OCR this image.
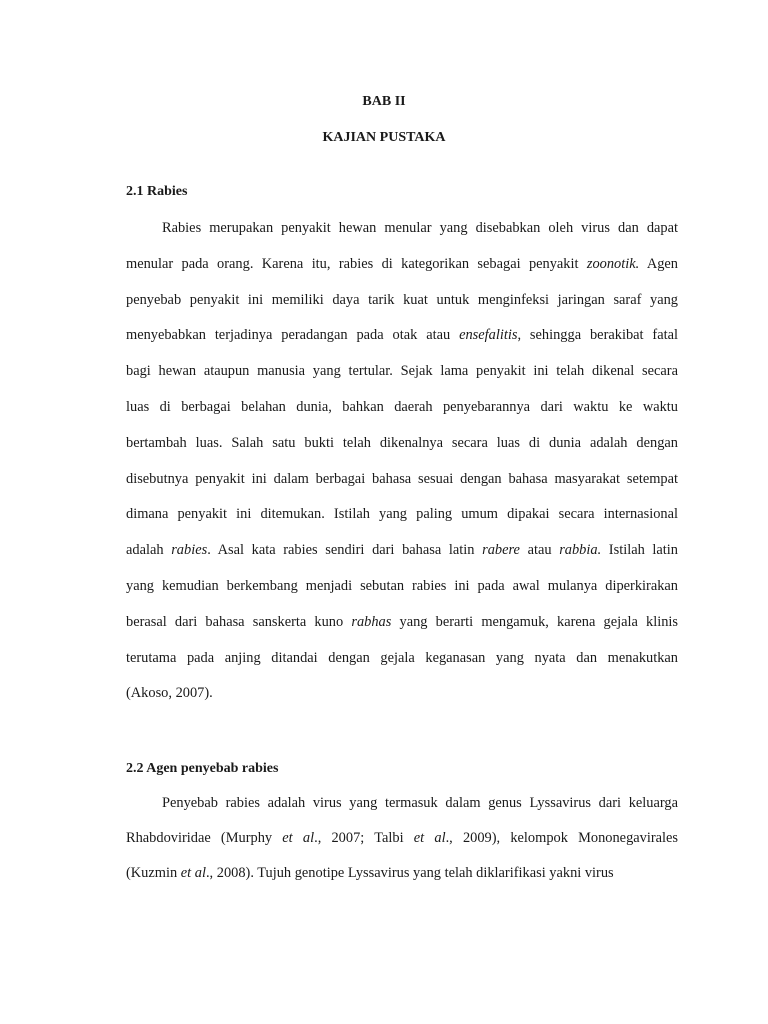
BAB II
KAJIAN PUSTAKA
2.1 Rabies
Rabies merupakan penyakit hewan menular yang disebabkan oleh virus dan dapat
menular pada orang. Karena itu, rabies di kategorikan sebagai penyakit zoonotik. Agen
penyebab penyakit ini memiliki daya tarik kuat untuk menginfeksi jaringan saraf yang
menyebabkan terjadinya peradangan pada otak atau ensefalitis, sehingga berakibat fatal
bagi hewan ataupun manusia yang tertular. Sejak lama penyakit ini telah dikenal secara
luas di berbagai belahan dunia, bahkan daerah penyebarannya dari waktu ke waktu
bertambah luas. Salah satu bukti telah dikenalnya secara luas di dunia adalah dengan
disebutnya penyakit ini dalam berbagai bahasa sesuai dengan bahasa masyarakat setempat
dimana penyakit ini ditemukan. Istilah yang paling umum dipakai secara internasional
adalah rabies. Asal kata rabies sendiri dari bahasa latin rabere atau rabbia. Istilah latin
yang kemudian berkembang menjadi sebutan rabies ini pada awal mulanya diperkirakan
berasal dari bahasa sanskerta kuno rabhas yang berarti mengamuk, karena gejala klinis
terutama pada anjing ditandai dengan gejala keganasan yang nyata dan menakutkan
(Akoso, 2007).
2.2 Agen penyebab rabies
Penyebab rabies adalah virus yang termasuk dalam genus Lyssavirus dari keluarga
Rhabdoviridae (Murphy et al., 2007; Talbi et al., 2009), kelompok Mononegavirales
(Kuzmin et al., 2008). Tujuh genotipe Lyssavirus yang telah diklarifikasi yakni virus
